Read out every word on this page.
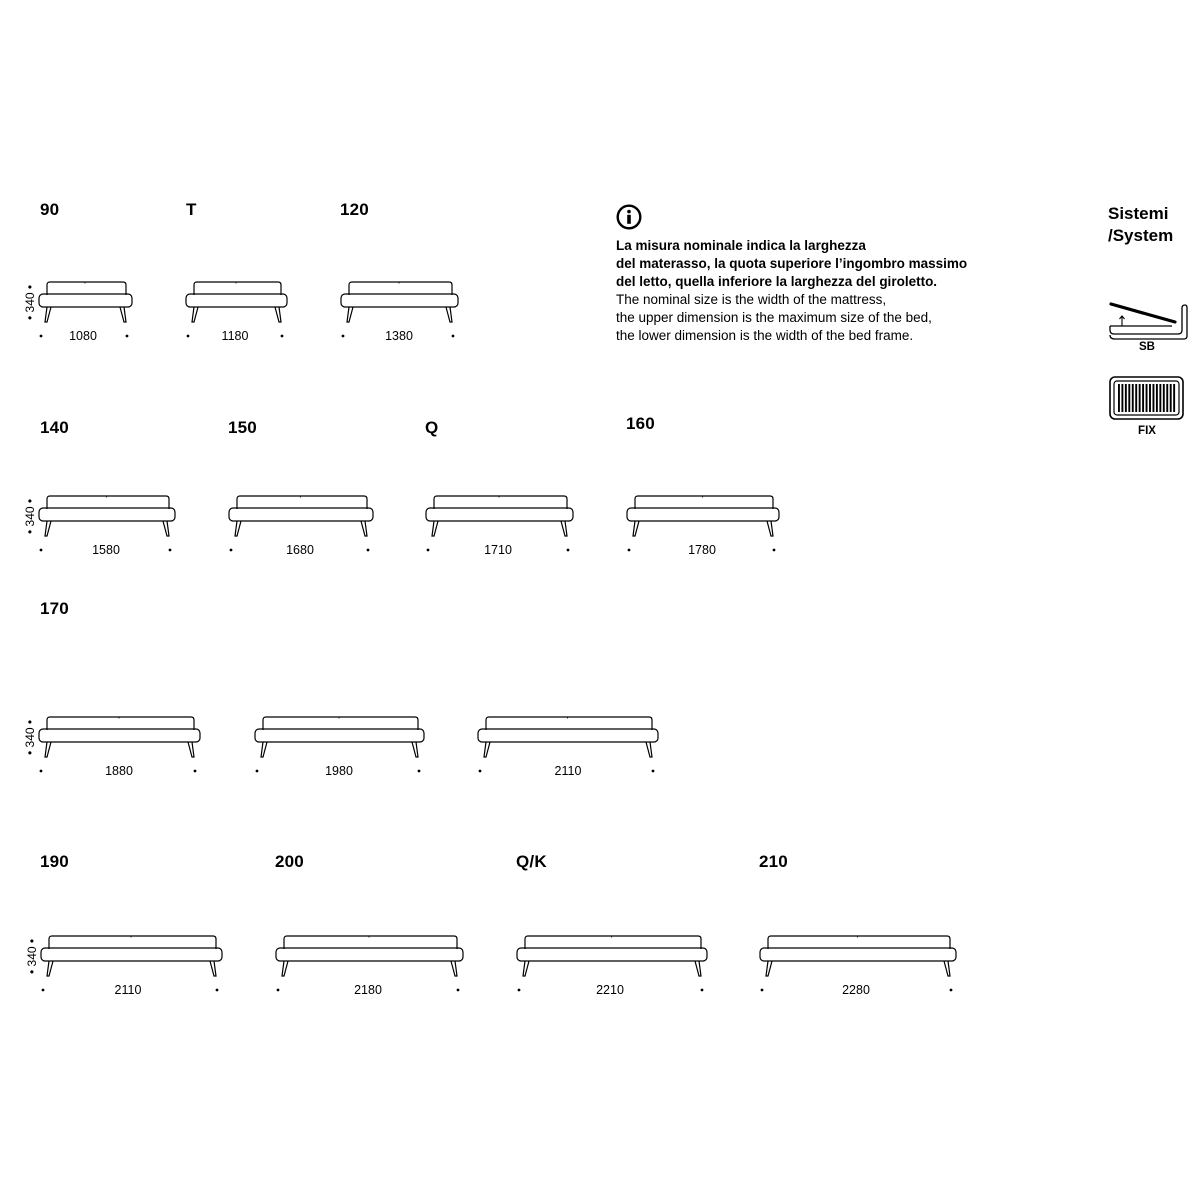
90
1080
• 340 •
T
1180
120
1380
140
1580
• 340 •
150
1680
Q
1710
160
1780
170
1880
• 340 •
1980	2110
190
2110
• 340 •
200
2180
Q/K
2210
210
2280
La misura nominale indica la larghezza
del materasso, la quota superiore l’ingombro massimo
del letto, quella inferiore la larghezza del giroletto.
The nominal size is the width of the mattress,
the upper dimension is the maximum size of the bed,
the lower dimension is the width of the bed frame.
Sistemi
/System
SB
FIX
